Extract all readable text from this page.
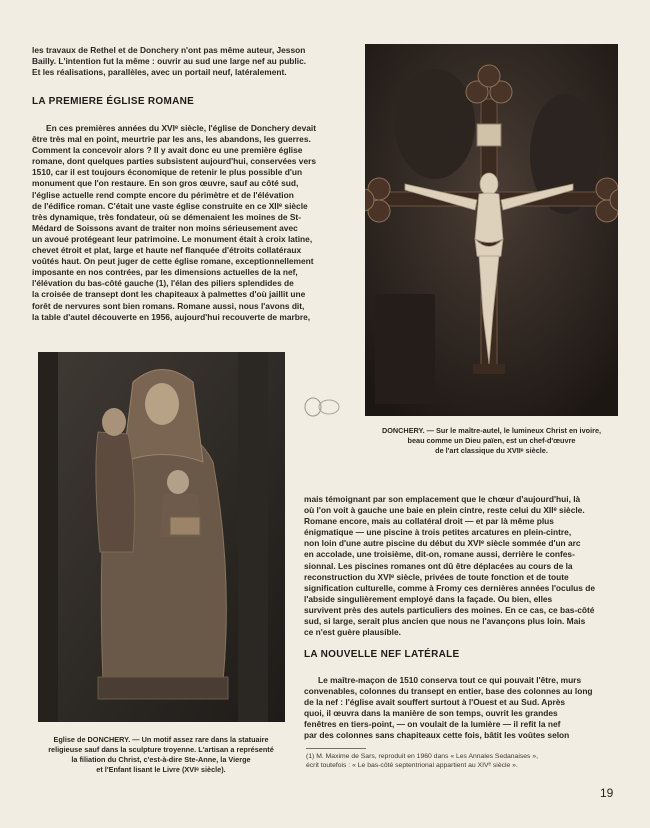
les travaux de Rethel et de Donchery n'ont pas même auteur, Jesson

Bailly. L'intention fut la même : ouvrir au sud une large nef au public.

Et les réalisations, parallèles, avec un portail neuf, latéralement.

LA PREMIERE ÉGLISE ROMANE

En ces premières années du XVIᵉ siècle, l'église de Donchery devait

être très mal en point, meurtrie par les ans, les abandons, les guerres.

Comment la concevoir alors ? Il y avait donc eu une première église

romane, dont quelques parties subsistent aujourd'hui, conservées vers

1510, car il est toujours économique de retenir le plus possible d'un

monument que l'on restaure. En son gros œuvre, sauf au côté sud,

l'église actuelle rend compte encore du périmètre et de l'élévation

de l'édifice roman. C'était une vaste église construite en ce XIIᵉ siècle

très dynamique, très fondateur, où se démenaient les moines de St-

Médard de Soissons avant de traiter non moins sérieusement avec

un avoué protégeant leur patrimoine. Le monument était à croix latine,

chevet étroit et plat, large et haute nef flanquée d'étroits collatéraux

voûtés haut. On peut juger de cette église romane, exceptionnellement

imposante en nos contrées, par les dimensions actuelles de la nef,

l'élévation du bas-côté gauche (1), l'élan des piliers splendides de

la croisée de transept dont les chapiteaux à palmettes d'où jaillit une

forêt de nervures sont bien romans. Romane aussi, nous l'avons dit,

la table d'autel découverte en 1956, aujourd'hui recouverte de marbre,

DONCHERY. — Sur le maître-autel, le lumineux Christ en ivoire,
beau comme un Dieu païen, est un chef-d'œuvre
de l'art classique du XVIIᵉ siècle.
Eglise de DONCHERY. — Un motif assez rare dans la statuaire
religieuse sauf dans la sculpture troyenne. L'artisan a représenté
la filiation du Christ, c'est-à-dire Ste-Anne, la Vierge
et l'Enfant lisant le Livre (XVIᵉ siècle).

mais témoignant par son emplacement que le chœur d'aujourd'hui, là

où l'on voit à gauche une baie en plein cintre, reste celui du XIIᵉ siècle.

Romane encore, mais au collatéral droit — et par là même plus

énigmatique — une piscine à trois petites arcatures en plein-cintre,

non loin d'une autre piscine du début du XVIᵉ siècle sommée d'un arc

en accolade, une troisième, dit-on, romane aussi, derrière le confes-

sionnal. Les piscines romanes ont dû être déplacées au cours de la

reconstruction du XVIᵉ siècle, privées de toute fonction et de toute

signification culturelle, comme à Fromy ces dernières années l'oculus de

l'abside singulièrement employé dans la façade. Ou bien, elles

survivent près des autels particuliers des moines. En ce cas, ce bas-côté

sud, si large, serait plus ancien que nous ne l'avançons plus loin. Mais

ce n'est guère plausible.

LA NOUVELLE NEF LATÉRALE

Le maître-maçon de 1510 conserva tout ce qui pouvait l'être, murs

convenables, colonnes du transept en entier, base des colonnes au long

de la nef : l'église avait souffert surtout à l'Ouest et au Sud. Après

quoi, il œuvra dans la manière de son temps, ouvrit les grandes

fenêtres en tiers-point, — on voulait de la lumière — il refit la nef

par des colonnes sans chapiteaux cette fois, bâtit les voûtes selon

(1) M. Maxime de Sars, reproduit en 1960 dans « Les Annales Sedanaises »,
écrit toutefois : « Le bas-côté septentrional appartient au XIVᵉ siècle ».
19
